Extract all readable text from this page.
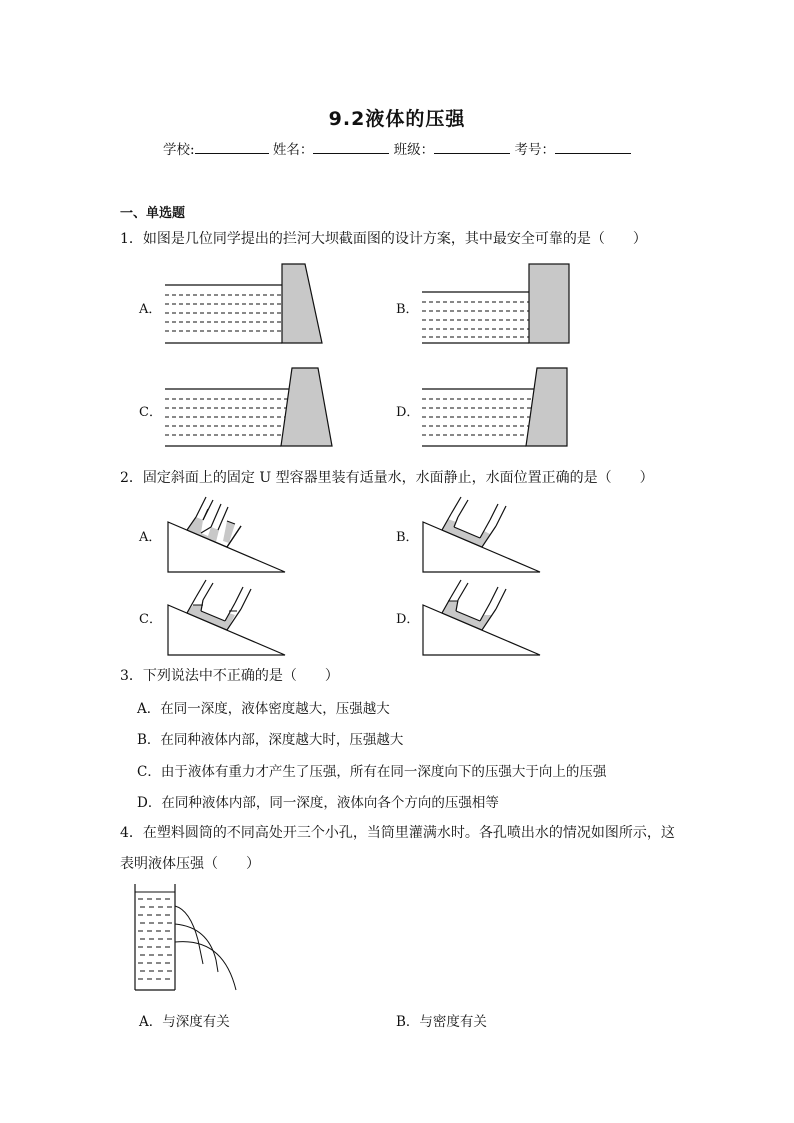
9.2液体的压强
学校:	姓名：	班级：	考号：
一、单选题
1．如图是几位同学提出的拦河大坝截面图的设计方案，其中最安全可靠的是（　　）
A．	B．
C．	D．
2．固定斜面上的固定 U 型容器里装有适量水，水面静止，水面位置正确的是（　　）
A．	B．
C．	D．
3．下列说法中不正确的是（　　）
A．在同一深度，液体密度越大，压强越大
B．在同种液体内部，深度越大时，压强越大
C．由于液体有重力才产生了压强，所有在同一深度向下的压强大于向上的压强
D．在同种液体内部，同一深度，液体向各个方向的压强相等
4．在塑料圆筒的不同高处开三个小孔，当筒里灌满水时。各孔喷出水的情况如图所示，这
表明液体压强（　　）
A．与深度有关	B．与密度有关
